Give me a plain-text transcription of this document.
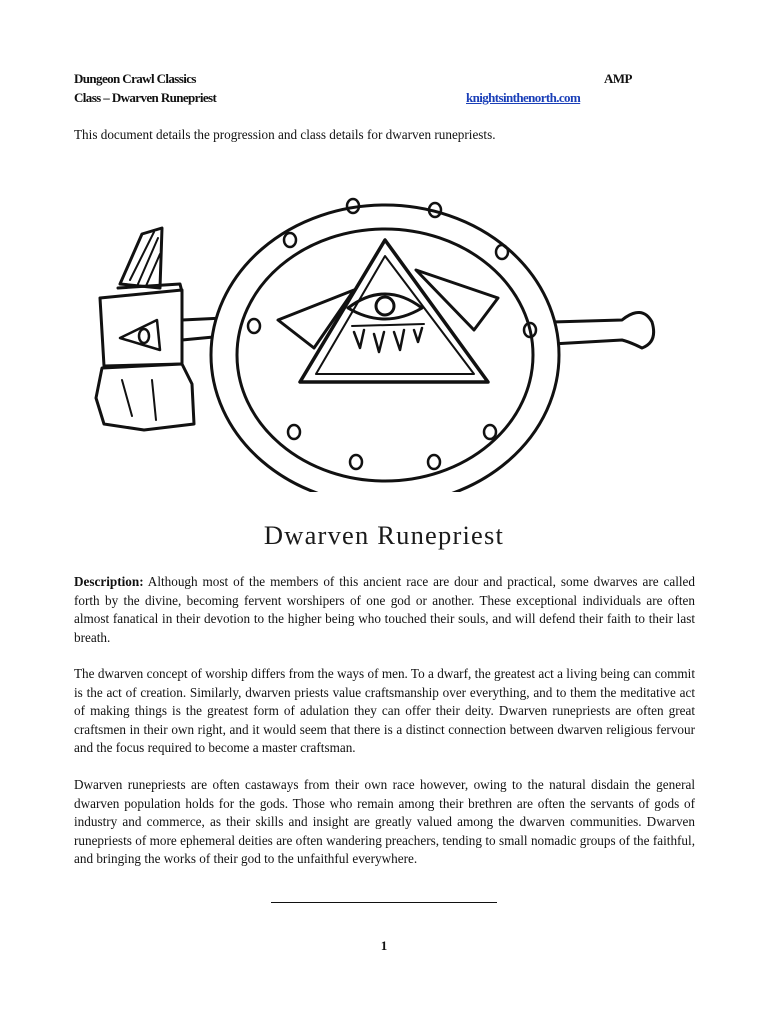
Dungeon Crawl Classics
Class – Dwarven Runepriest
AMP
knightsinthenorth.com
This document details the progression and class details for dwarven runepriests.
Dwarven Runepriest

Description: Although most of the members of this ancient race are dour and practical, some dwarves are called forth by the divine, becoming fervent worshipers of one god or another. These exceptional individuals are often almost fanatical in their devotion to the higher being who touched their souls, and will defend their faith to their last breath.

The dwarven concept of worship differs from the ways of men. To a dwarf, the greatest act a living being can commit is the act of creation. Similarly, dwarven priests value craftsmanship over everything, and to them the meditative act of making things is the greatest form of adulation they can offer their deity. Dwarven runepriests are often great craftsmen in their own right, and it would seem that there is a distinct connection between dwarven religious fervour and the focus required to become a master craftsman.

Dwarven runepriests are often castaways from their own race however, owing to the natural disdain the general dwarven population holds for the gods. Those who remain among their brethren are often the servants of gods of industry and commerce, as their skills and insight are greatly valued among the dwarven communities. Dwarven runepriests of more ephemeral deities are often wandering preachers, tending to small nomadic groups of the faithful, and bringing the works of their god to the unfaithful everywhere.

1
